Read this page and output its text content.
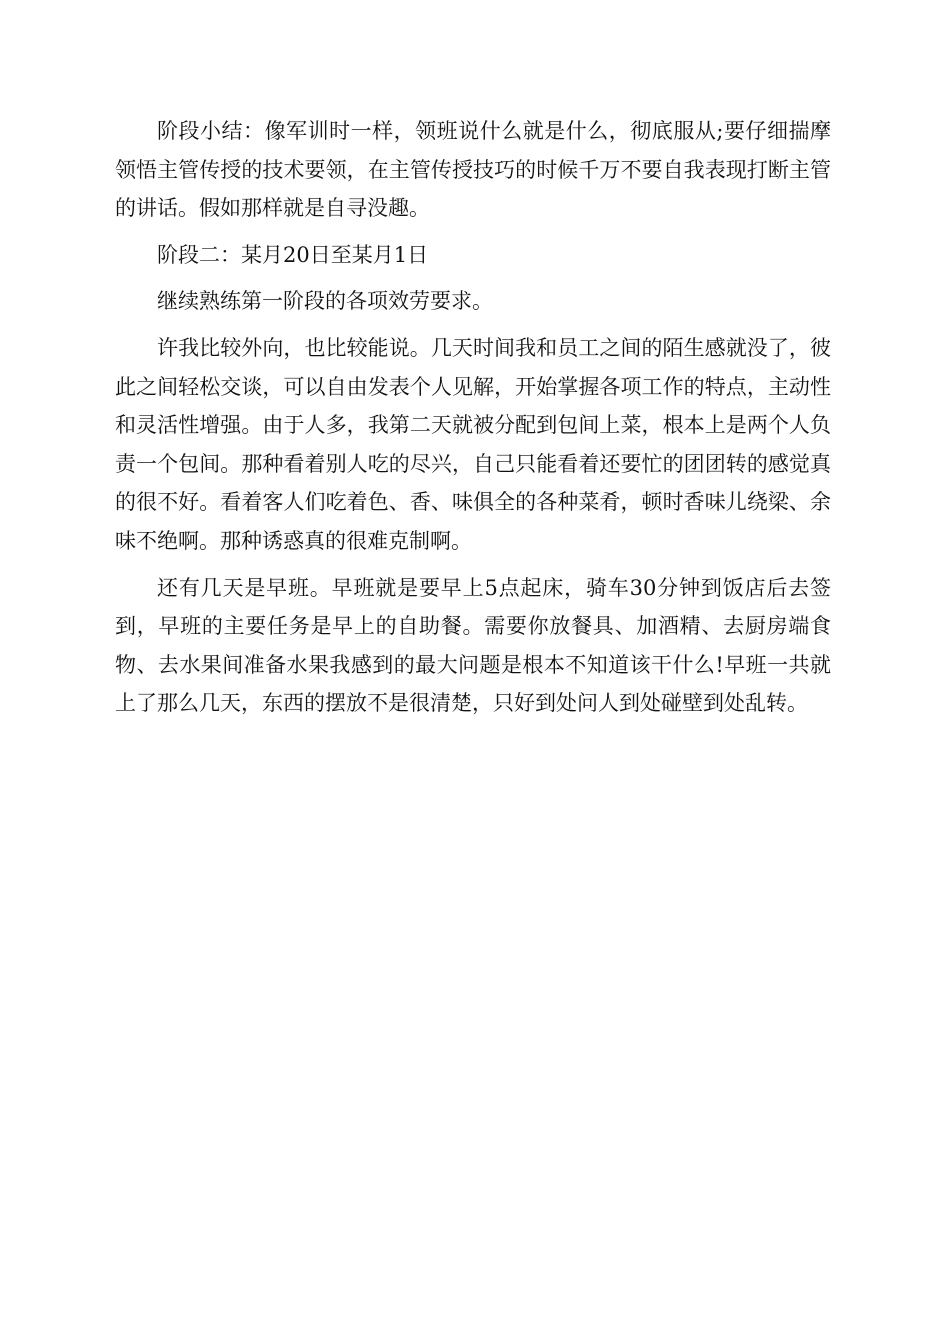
阶段小结：像军训时一样，领班说什么就是什么，彻底服从;要仔细揣摩领悟主管传授的技术要领，在主管传授技巧的时候千万不要自我表现打断主管的讲话。假如那样就是自寻没趣。

阶段二：某月20日至某月1日

继续熟练第一阶段的各项效劳要求。

许我比较外向，也比较能说。几天时间我和员工之间的陌生感就没了，彼此之间轻松交谈，可以自由发表个人见解，开始掌握各项工作的特点，主动性和灵活性增强。由于人多，我第二天就被分配到包间上菜，根本上是两个人负责一个包间。那种看着别人吃的尽兴，自己只能看着还要忙的团团转的感觉真的很不好。看着客人们吃着色、香、味俱全的各种菜肴，顿时香味儿绕梁、余味不绝啊。那种诱惑真的很难克制啊。

还有几天是早班。早班就是要早上5点起床，骑车30分钟到饭店后去签到，早班的主要任务是早上的自助餐。需要你放餐具、加酒精、去厨房端食物、去水果间准备水果我感到的最大问题是根本不知道该干什么!早班一共就上了那么几天，东西的摆放不是很清楚，只好到处问人到处碰壁到处乱转。
